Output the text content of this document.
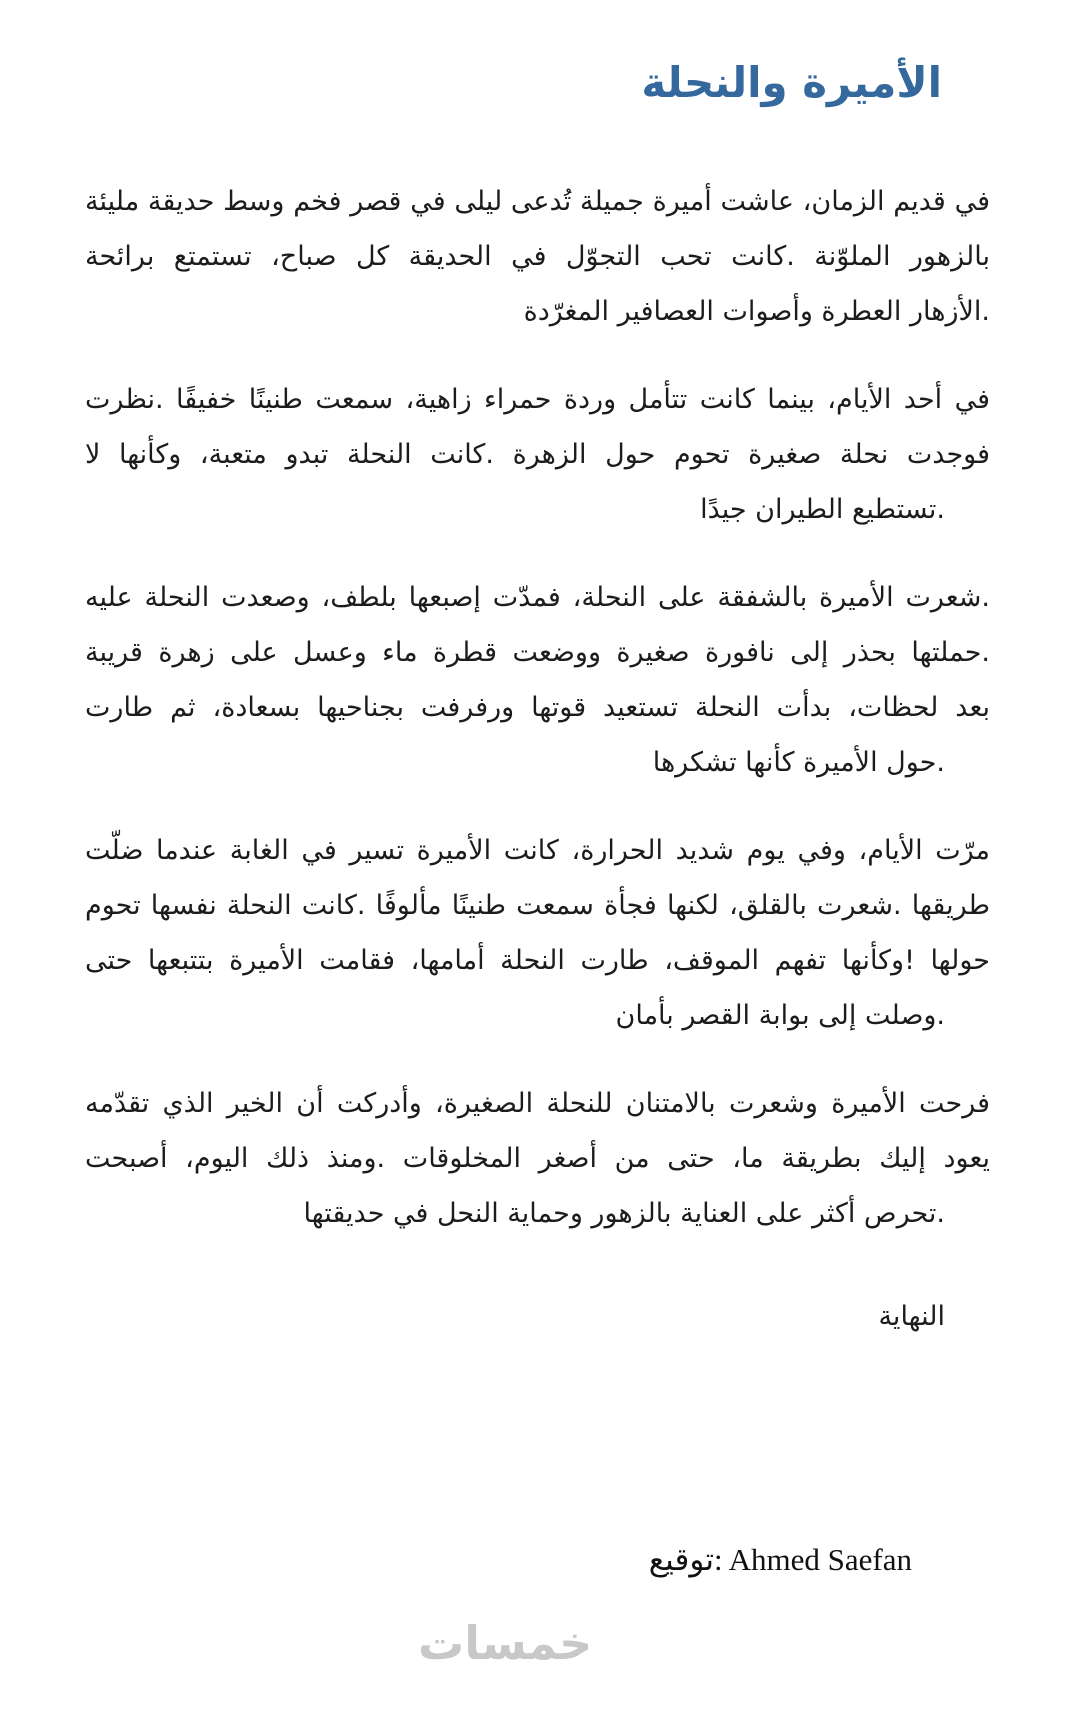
الأميرة والنحلة
في قديم الزمان، عاشت أميرة جميلة تُدعى ليلى في قصر فخم وسط حديقة مليئة
بالزهور الملوّنة .كانت تحب التجوّل في الحديقة كل صباح، تستمتع برائحة
.الأزهار العطرة وأصوات العصافير المغرّدة
في أحد الأيام، بينما كانت تتأمل وردة حمراء زاهية، سمعت طنينًا خفيفًا .نظرت
فوجدت نحلة صغيرة تحوم حول الزهرة .كانت النحلة تبدو متعبة، وكأنها لا
.تستطيع الطيران جيدًا
.شعرت الأميرة بالشفقة على النحلة، فمدّت إصبعها بلطف، وصعدت النحلة عليه
.حملتها بحذر إلى نافورة صغيرة ووضعت قطرة ماء وعسل على زهرة قريبة
بعد لحظات، بدأت النحلة تستعيد قوتها ورفرفت بجناحيها بسعادة، ثم طارت
.حول الأميرة كأنها تشكرها
مرّت الأيام، وفي يوم شديد الحرارة، كانت الأميرة تسير في الغابة عندما ضلّت
طريقها .شعرت بالقلق، لكنها فجأة سمعت طنينًا مألوفًا .كانت النحلة نفسها تحوم
حولها !وكأنها تفهم الموقف، طارت النحلة أمامها، فقامت الأميرة بتتبعها حتى
.وصلت إلى بوابة القصر بأمان
فرحت الأميرة وشعرت بالامتنان للنحلة الصغيرة، وأدركت أن الخير الذي تقدّمه
يعود إليك بطريقة ما، حتى من أصغر المخلوقات .ومنذ ذلك اليوم، أصبحت
.تحرص أكثر على العناية بالزهور وحماية النحل في حديقتها
النهاية
توقيع: Ahmed Saefan
خمسات
